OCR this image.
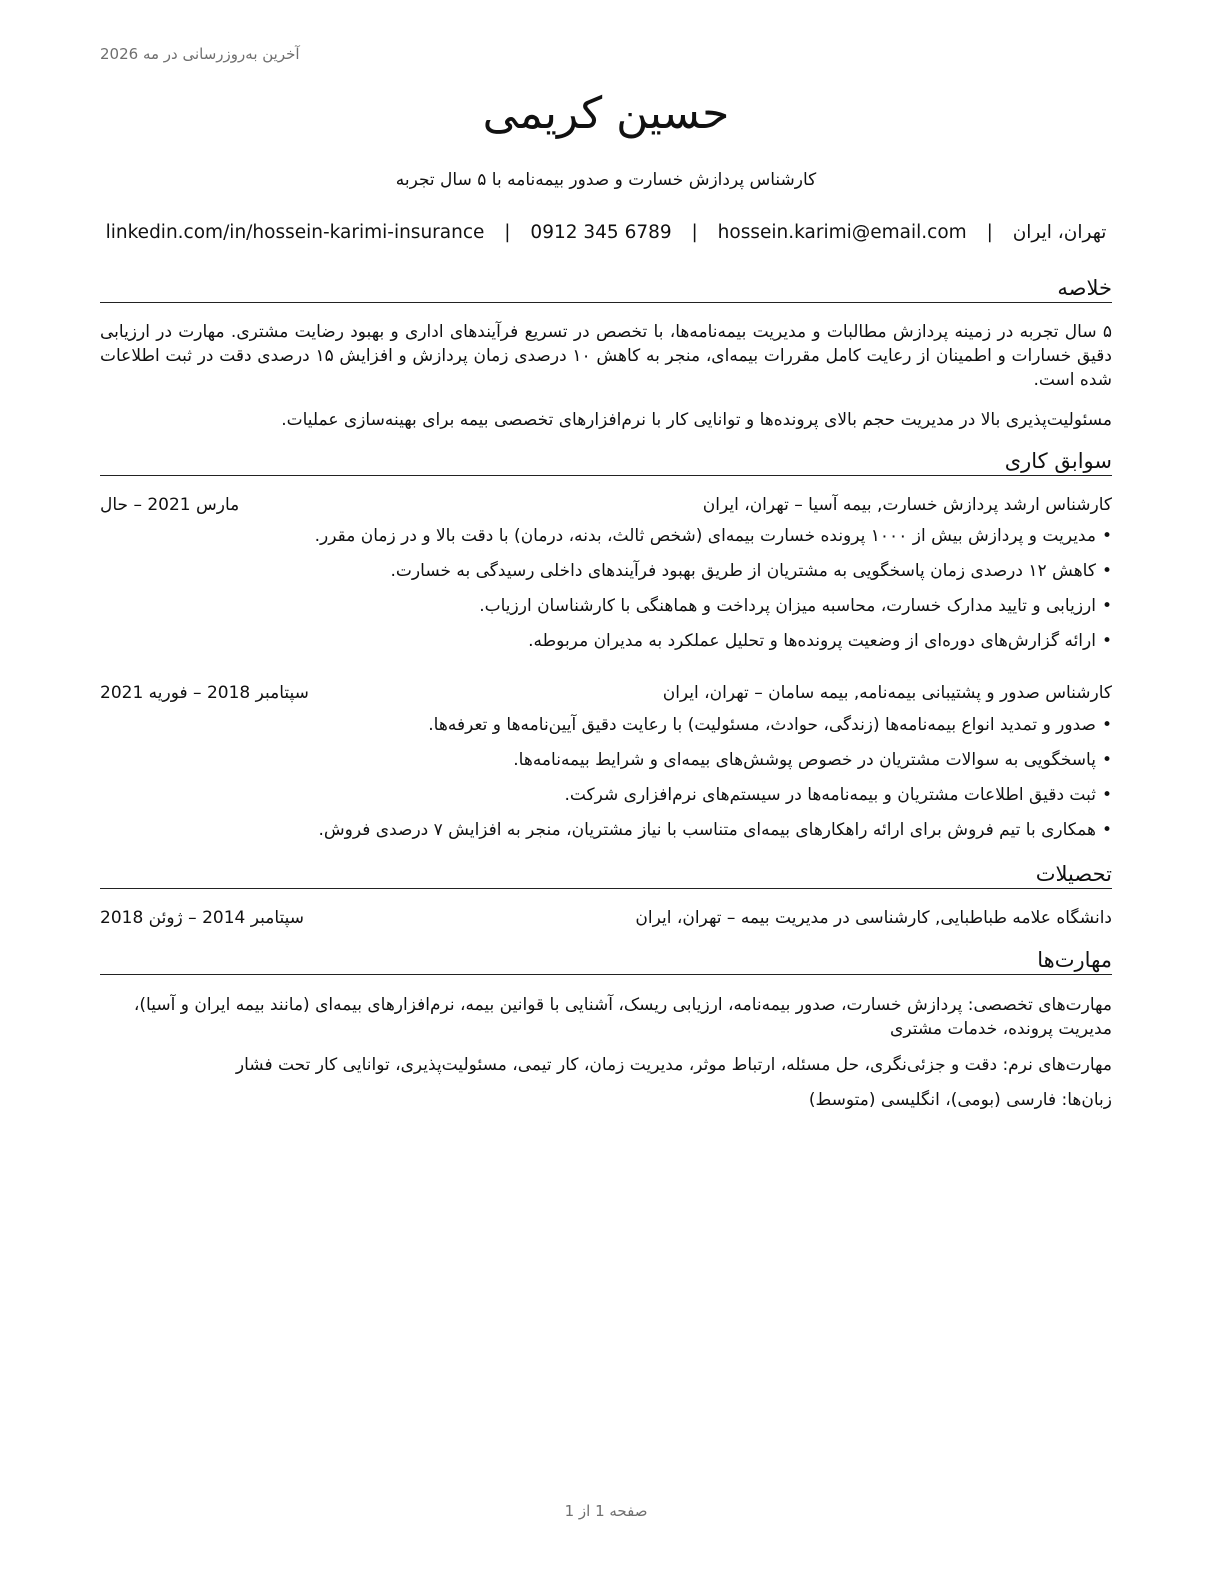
آخرین به‌روزرسانی در مه 2026
حسین کریمی
کارشناس پردازش خسارت و صدور بیمه‌نامه با ۵ سال تجربه
تهران، ایران | hossein.karimi@email.com | 0912 345 6789 | linkedin.com/in/hossein-karimi-insurance
خلاصه
۵ سال تجربه در زمینه پردازش مطالبات و مدیریت بیمه‌نامه‌ها، با تخصص در تسریع فرآیندهای اداری و بهبود رضایت مشتری. مهارت در ارزیابی دقیق خسارات و اطمینان از رعایت کامل مقررات بیمه‌ای، منجر به کاهش ۱۰ درصدی زمان پردازش و افزایش ۱۵ درصدی دقت در ثبت اطلاعات شده است.
مسئولیت‌پذیری بالا در مدیریت حجم بالای پرونده‌ها و توانایی کار با نرم‌افزارهای تخصصی بیمه برای بهینه‌سازی عملیات.
سوابق کاری
کارشناس ارشد پردازش خسارت, بیمه آسیا – تهران، ایران
مارس 2021 – حال
•مدیریت و پردازش بیش از ۱۰۰۰ پرونده خسارت بیمه‌ای (شخص ثالث، بدنه، درمان) با دقت بالا و در زمان مقرر.
•کاهش ۱۲ درصدی زمان پاسخگویی به مشتریان از طریق بهبود فرآیندهای داخلی رسیدگی به خسارت.
•ارزیابی و تایید مدارک خسارت، محاسبه میزان پرداخت و هماهنگی با کارشناسان ارزیاب.
•ارائه گزارش‌های دوره‌ای از وضعیت پرونده‌ها و تحلیل عملکرد به مدیران مربوطه.
کارشناس صدور و پشتیبانی بیمه‌نامه, بیمه سامان – تهران، ایران
سپتامبر 2018 – فوریه 2021
•صدور و تمدید انواع بیمه‌نامه‌ها (زندگی، حوادث، مسئولیت) با رعایت دقیق آیین‌نامه‌ها و تعرفه‌ها.
•پاسخگویی به سوالات مشتریان در خصوص پوشش‌های بیمه‌ای و شرایط بیمه‌نامه‌ها.
•ثبت دقیق اطلاعات مشتریان و بیمه‌نامه‌ها در سیستم‌های نرم‌افزاری شرکت.
•همکاری با تیم فروش برای ارائه راهکارهای بیمه‌ای متناسب با نیاز مشتریان، منجر به افزایش ۷ درصدی فروش.
تحصیلات
دانشگاه علامه طباطبایی, کارشناسی در مدیریت بیمه – تهران، ایران
سپتامبر 2014 – ژوئن 2018
مهارت‌ها
مهارت‌های تخصصی: پردازش خسارت، صدور بیمه‌نامه، ارزیابی ریسک، آشنایی با قوانین بیمه، نرم‌افزارهای بیمه‌ای (مانند بیمه ایران و آسیا)، مدیریت پرونده، خدمات مشتری
مهارت‌های نرم: دقت و جزئی‌نگری، حل مسئله، ارتباط موثر، مدیریت زمان، کار تیمی، مسئولیت‌پذیری، توانایی کار تحت فشار
زبان‌ها: فارسی (بومی)، انگلیسی (متوسط)
صفحه 1 از 1
